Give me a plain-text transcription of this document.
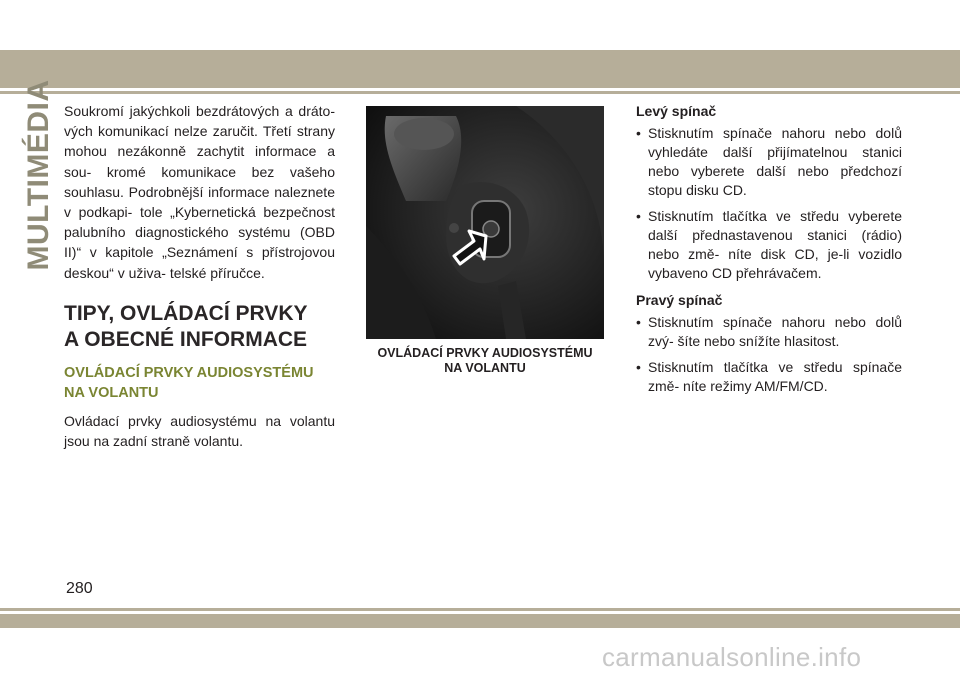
MULTIMÉDIA Soukromí jakýchkoli bezdrátových a dráto- vých komunikací nelze zaručit. Třetí strany mohou nezákonně zachytit informace a sou- kromé komunikace bez vašeho souhlasu. Podrobnější informace naleznete v podkapi- tole „Kybernetická bezpečnost palubního diagnostického systému (OBD II)“ v kapitole „Seznámení s přístrojovou deskou“ v uživa- telské příručce.

TIPY, OVLÁDACÍ PRVKY
A OBECNÉ INFORMACE
OVLÁDACÍ PRVKY AUDIOSYSTÉMU
NA VOLANTU

Ovládací prvky audiosystému na volantu jsou na zadní straně volantu.

OVLÁDACÍ PRVKY AUDIOSYSTÉMU
NA VOLANTU
Levý spínač
• Stisknutím spínače nahoru nebo dolů vyhledáte další přijímatelnou stanici nebo vyberete další nebo předchozí stopu disku CD.
• Stisknutím tlačítka ve středu vyberete další přednastavenou stanici (rádio) nebo změ- níte disk CD, je-li vozidlo vybaveno CD přehrávačem.
Pravý spínač
• Stisknutím spínače nahoru nebo dolů zvý- šíte nebo snížíte hlasitost.
• Stisknutím tlačítka ve středu spínače změ- níte režimy AM/FM/CD.
280
carmanualsonline.info
